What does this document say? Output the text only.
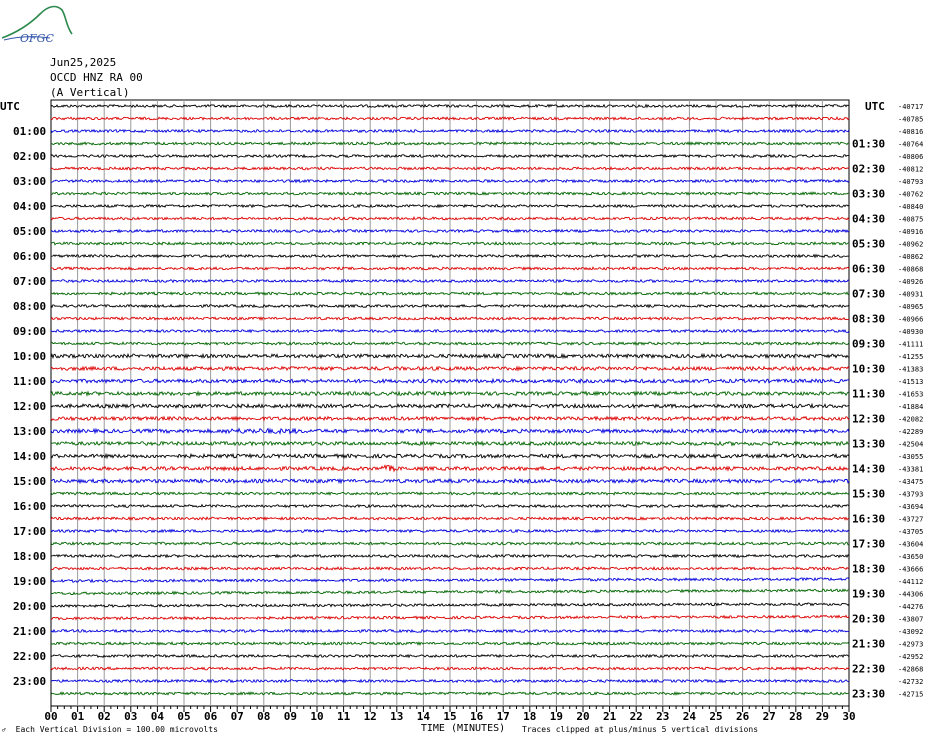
OFGC
Jun25,2025
OCCD HNZ RA 00
(A Vertical)
00 01 02 03 04 05 06 07 08 09 10 11 12 13 14 15 16 17 18 19 20 21 22 23 24 25 26 27 28 29 30
TIME (MINUTES)
UTC	UTC
01:00
02:00
03:00
04:00
05:00
06:00
07:00
08:00
09:00
10:00
11:00
12:00
13:00
14:00
15:00
16:00
17:00
18:00
19:00
20:00
21:00
22:00
23:00
01:30
02:30
03:30
04:30
05:30
06:30
07:30
08:30
09:30
10:30
11:30
12:30
13:30
14:30
15:30
16:30
17:30
18:30
19:30
20:30
21:30
22:30
23:30
-40717
-40785
-40816
-40764
-40806
-40812
-40793
-40762
-40840
-40875
-40916
-40962
-40862
-40868
-40926
-40931
-40965
-40966
-40930
-41111
-41255
-41383
-41513
-41653
-41884
-42082
-42289
-42504
-43055
-43381
-43475
-43793
-43694
-43727
-43705
-43604
-43650
-43666
-44112
-44306
-44276
-43807
-43092
-42973
-42952
-42868
-42732
-42715
♂ Each Vertical Division = 100.00 microvolts	Traces clipped at plus/minus 5 vertical divisions
